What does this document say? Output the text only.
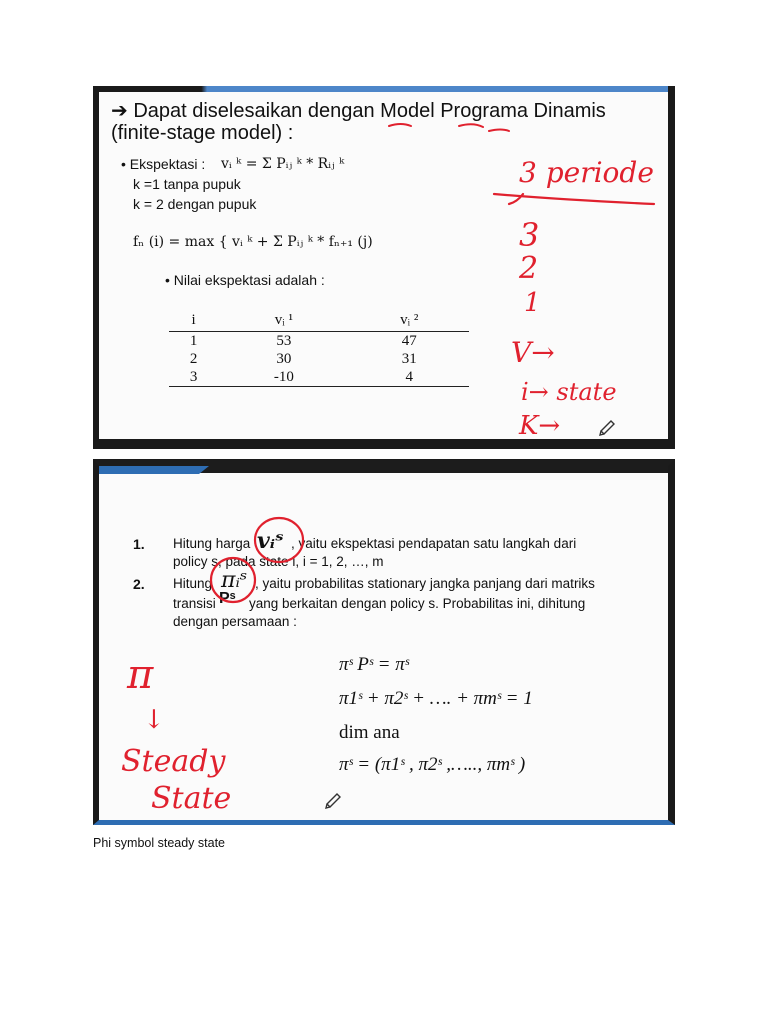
➔ Dapat diselesaikan dengan Model Programa Dinamis
(finite-stage model) :
• Ekspektasi : vᵢ ᵏ = Σ Pᵢⱼ ᵏ * Rᵢⱼ ᵏ
k =1 tanpa pupuk
k = 2 dengan pupuk
fₙ (i) = max { vᵢ ᵏ + Σ Pᵢⱼ ᵏ * fₙ₊₁ (j)
• Nilai ekspektasi adalah :
i	vᵢ ¹	vᵢ ²
1	53	47
2	30	31
3	-10	4
3 periode
3
2
1
V→
i→ state
K→
1. Hitung harga vᵢˢ , yaitu ekspektasi pendapatan satu langkah dari
policy s, pada state i, i = 1, 2, …, m
2. Hitung πᵢˢ , yaitu probabilitas stationary jangka panjang dari matriks
transisi Pˢ yang berkaitan dengan policy s. Probabilitas ini, dihitung
dengan persamaan :
πˢ Pˢ = πˢ
π1ˢ + π2ˢ + …. + πmˢ = 1
dim ana
πˢ = (π1ˢ , π2ˢ ,….., πmˢ )
π
↓
Steady
State
Phi symbol steady state
